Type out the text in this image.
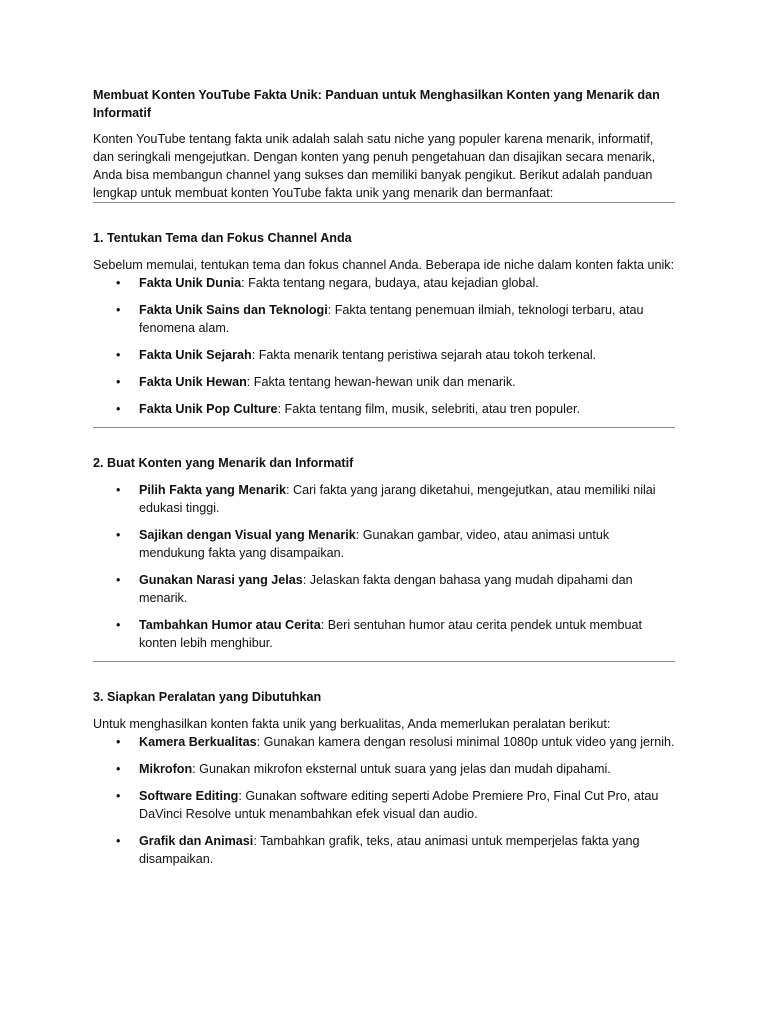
Membuat Konten YouTube Fakta Unik: Panduan untuk Menghasilkan Konten yang Menarik dan Informatif

Konten YouTube tentang fakta unik adalah salah satu niche yang populer karena menarik, informatif, dan seringkali mengejutkan. Dengan konten yang penuh pengetahuan dan disajikan secara menarik, Anda bisa membangun channel yang sukses dan memiliki banyak pengikut. Berikut adalah panduan lengkap untuk membuat konten YouTube fakta unik yang menarik dan bermanfaat:

1. Tentukan Tema dan Fokus Channel Anda

Sebelum memulai, tentukan tema dan fokus channel Anda. Beberapa ide niche dalam konten fakta unik:

• Fakta Unik Dunia: Fakta tentang negara, budaya, atau kejadian global.
• Fakta Unik Sains dan Teknologi: Fakta tentang penemuan ilmiah, teknologi terbaru, atau fenomena alam.
• Fakta Unik Sejarah: Fakta menarik tentang peristiwa sejarah atau tokoh terkenal.
• Fakta Unik Hewan: Fakta tentang hewan-hewan unik dan menarik.
• Fakta Unik Pop Culture: Fakta tentang film, musik, selebriti, atau tren populer.
2. Buat Konten yang Menarik dan Informatif
• Pilih Fakta yang Menarik: Cari fakta yang jarang diketahui, mengejutkan, atau memiliki nilai edukasi tinggi.
• Sajikan dengan Visual yang Menarik: Gunakan gambar, video, atau animasi untuk mendukung fakta yang disampaikan.
• Gunakan Narasi yang Jelas: Jelaskan fakta dengan bahasa yang mudah dipahami dan menarik.
• Tambahkan Humor atau Cerita: Beri sentuhan humor atau cerita pendek untuk membuat konten lebih menghibur.
3. Siapkan Peralatan yang Dibutuhkan

Untuk menghasilkan konten fakta unik yang berkualitas, Anda memerlukan peralatan berikut:

• Kamera Berkualitas: Gunakan kamera dengan resolusi minimal 1080p untuk video yang jernih.
• Mikrofon: Gunakan mikrofon eksternal untuk suara yang jelas dan mudah dipahami.
• Software Editing: Gunakan software editing seperti Adobe Premiere Pro, Final Cut Pro, atau DaVinci Resolve untuk menambahkan efek visual dan audio.
• Grafik dan Animasi: Tambahkan grafik, teks, atau animasi untuk memperjelas fakta yang disampaikan.
